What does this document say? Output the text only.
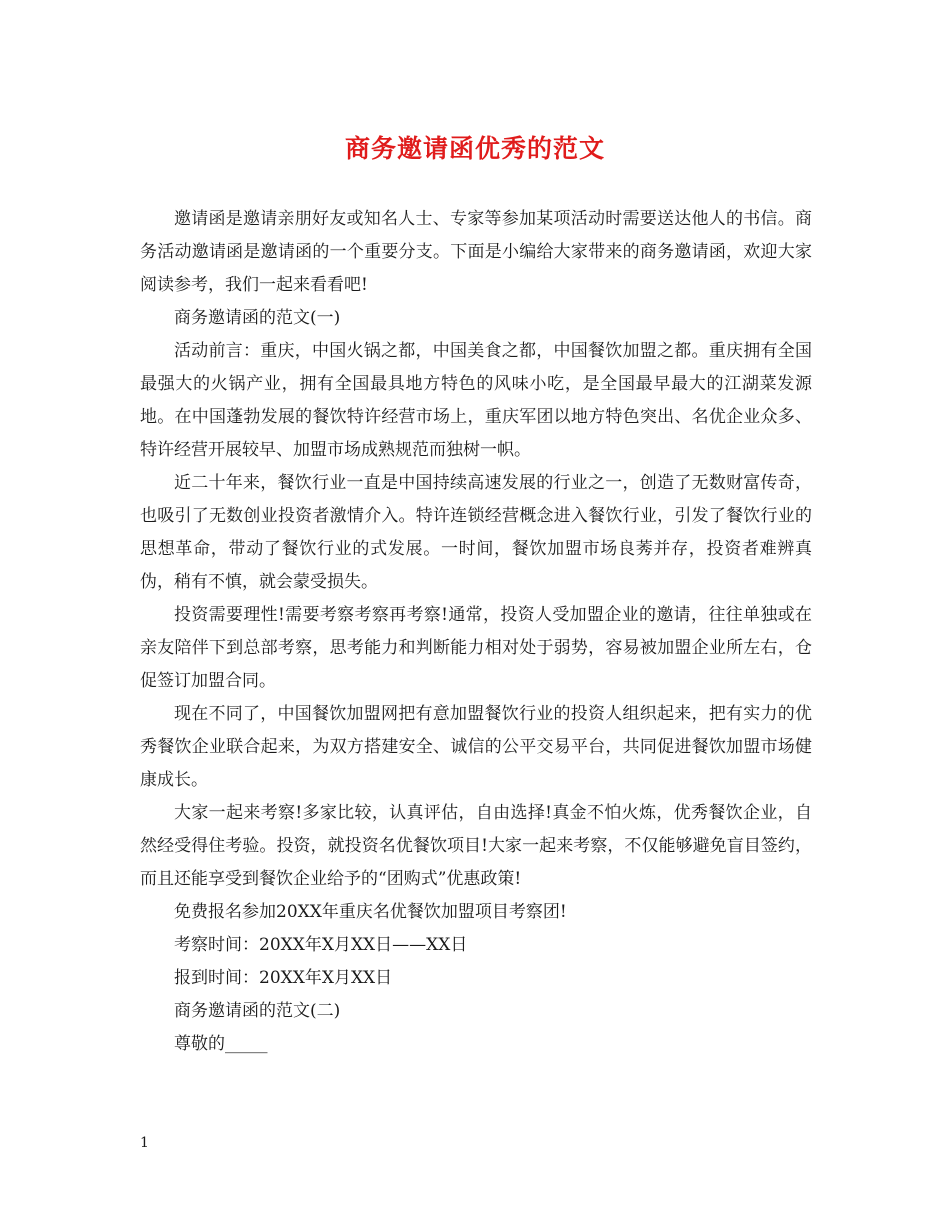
商务邀请函优秀的范文

邀请函是邀请亲朋好友或知名人士、专家等参加某项活动时需要送达他人的书信。商务活动邀请函是邀请函的一个重要分支。下面是小编给大家带来的商务邀请函，欢迎大家阅读参考，我们一起来看看吧!

商务邀请函的范文(一)

活动前言：重庆，中国火锅之都，中国美食之都，中国餐饮加盟之都。重庆拥有全国最强大的火锅产业，拥有全国最具地方特色的风味小吃，是全国最早最大的江湖菜发源地。在中国蓬勃发展的餐饮特许经营市场上，重庆军团以地方特色突出、名优企业众多、特许经营开展较早、加盟市场成熟规范而独树一帜。

近二十年来，餐饮行业一直是中国持续高速发展的行业之一，创造了无数财富传奇，也吸引了无数创业投资者激情介入。特许连锁经营概念进入餐饮行业，引发了餐饮行业的思想革命，带动了餐饮行业的式发展。一时间，餐饮加盟市场良莠并存，投资者难辨真伪，稍有不慎，就会蒙受损失。

投资需要理性!需要考察考察再考察!通常，投资人受加盟企业的邀请，往往单独或在亲友陪伴下到总部考察，思考能力和判断能力相对处于弱势，容易被加盟企业所左右，仓促签订加盟合同。

现在不同了，中国餐饮加盟网把有意加盟餐饮行业的投资人组织起来，把有实力的优秀餐饮企业联合起来，为双方搭建安全、诚信的公平交易平台，共同促进餐饮加盟市场健康成长。

大家一起来考察!多家比较，认真评估，自由选择!真金不怕火炼，优秀餐饮企业，自然经受得住考验。投资，就投资名优餐饮项目!大家一起来考察，不仅能够避免盲目签约，而且还能享受到餐饮企业给予的“团购式”优惠政策!

免费报名参加20XX年重庆名优餐饮加盟项目考察团!

考察时间：20XX年X月XX日——XX日

报到时间：20XX年X月XX日

商务邀请函的范文(二)

尊敬的_____

1
